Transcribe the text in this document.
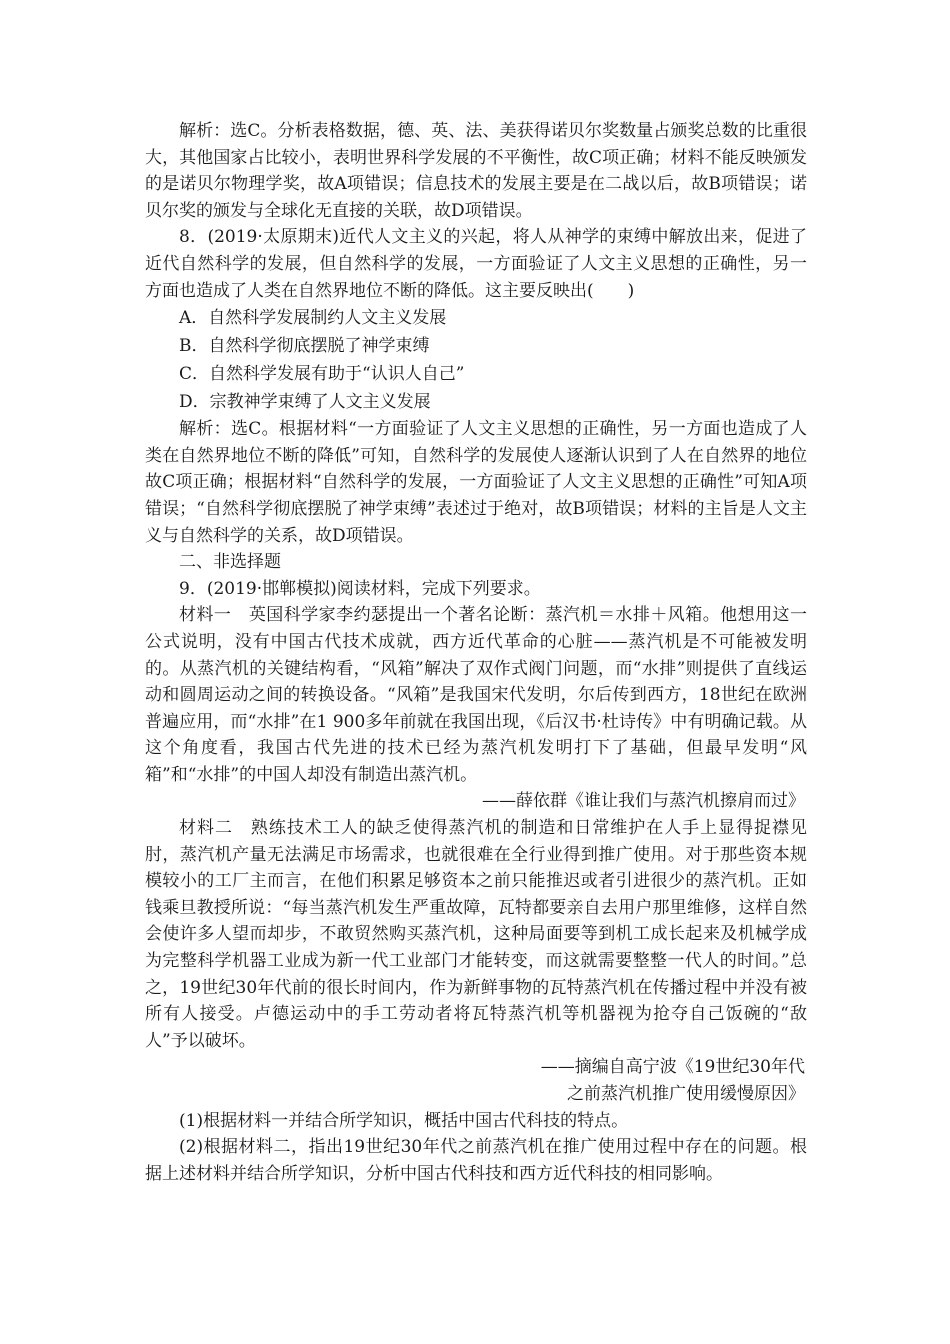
解析：选C。分析表格数据，德、英、法、美获得诺贝尔奖数量占颁奖总数的比重很大，其他国家占比较小，表明世界科学发展的不平衡性，故C项正确；材料不能反映颁发的是诺贝尔物理学奖，故A项错误；信息技术的发展主要是在二战以后，故B项错误；诺贝尔奖的颁发与全球化无直接的关联，故D项错误。

8．(2019·太原期末)近代人文主义的兴起，将人从神学的束缚中解放出来，促进了近代自然科学的发展，但自然科学的发展，一方面验证了人文主义思想的正确性，另一方面也造成了人类在自然界地位不断的降低。这主要反映出(　　)

A．自然科学发展制约人文主义发展

B．自然科学彻底摆脱了神学束缚

C．自然科学发展有助于“认识人自己”

D．宗教神学束缚了人文主义发展

解析：选C。根据材料“一方面验证了人文主义思想的正确性，另一方面也造成了人类在自然界地位不断的降低”可知，自然科学的发展使人逐渐认识到了人在自然界的地位故C项正确；根据材料“自然科学的发展，一方面验证了人文主义思想的正确性”可知A项错误；“自然科学彻底摆脱了神学束缚”表述过于绝对，故B项错误；材料的主旨是人文主义与自然科学的关系，故D项错误。

二、非选择题

9．(2019·邯郸模拟)阅读材料，完成下列要求。

材料一　英国科学家李约瑟提出一个著名论断：蒸汽机＝水排＋风箱。他想用这一公式说明，没有中国古代技术成就，西方近代革命的心脏——蒸汽机是不可能被发明的。从蒸汽机的关键结构看，“风箱”解决了双作式阀门问题，而“水排”则提供了直线运动和圆周运动之间的转换设备。“风箱”是我国宋代发明，尔后传到西方，18世纪在欧洲普遍应用，而“水排”在1 900多年前就在我国出现，《后汉书·杜诗传》中有明确记载。从这个角度看，我国古代先进的技术已经为蒸汽机发明打下了基础，但最早发明“风箱”和“水排”的中国人却没有制造出蒸汽机。

——薛依群《谁让我们与蒸汽机擦肩而过》

材料二　熟练技术工人的缺乏使得蒸汽机的制造和日常维护在人手上显得捉襟见肘，蒸汽机产量无法满足市场需求，也就很难在全行业得到推广使用。对于那些资本规模较小的工厂主而言，在他们积累足够资本之前只能推迟或者引进很少的蒸汽机。正如钱乘旦教授所说：“每当蒸汽机发生严重故障，瓦特都要亲自去用户那里维修，这样自然会使许多人望而却步，不敢贸然购买蒸汽机，这种局面要等到机工成长起来及机械学成为完整科学机器工业成为新一代工业部门才能转变，而这就需要整整一代人的时间。”总之，19世纪30年代前的很长时间内，作为新鲜事物的瓦特蒸汽机在传播过程中并没有被所有人接受。卢德运动中的手工劳动者将瓦特蒸汽机等机器视为抢夺自己饭碗的“敌人”予以破坏。

——摘编自高宁波《19世纪30年代

之前蒸汽机推广使用缓慢原因》

(1)根据材料一并结合所学知识，概括中国古代科技的特点。

(2)根据材料二，指出19世纪30年代之前蒸汽机在推广使用过程中存在的问题。根据上述材料并结合所学知识，分析中国古代科技和西方近代科技的相同影响。
